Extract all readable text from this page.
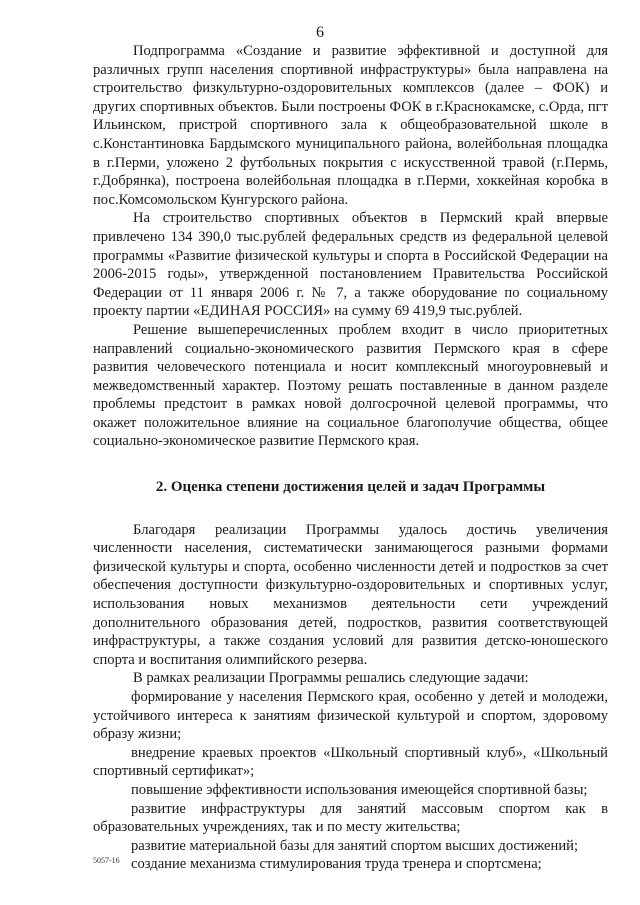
6

Подпрограмма «Создание и развитие эффективной и доступной для различных групп населения спортивной инфраструктуры» была направлена на строительство физкультурно-оздоровительных комплексов (далее – ФОК) и других спортивных объектов. Были построены ФОК в г.Краснокамске, с.Орда, пгт Ильинском, пристрой спортивного зала к общеобразовательной школе в с.Константиновка Бардымского муниципального района, волейбольная площадка в г.Перми, уложено 2 футбольных покрытия с искусственной травой (г.Пермь, г.Добрянка), построена волейбольная площадка в г.Перми, хоккейная коробка в пос.Комсомольском Кунгурского района.

На строительство спортивных объектов в Пермский край впервые привлечено 134 390,0 тыс.рублей федеральных средств из федеральной целевой программы «Развитие физической культуры и спорта в Российской Федерации на 2006-2015 годы», утвержденной постановлением Правительства Российской Федерации от 11 января 2006 г. № 7, а также оборудование по социальному проекту партии «ЕДИНАЯ РОССИЯ» на сумму 69 419,9 тыс.рублей.

Решение вышеперечисленных проблем входит в число приоритетных направлений социально-экономического развития Пермского края в сфере развития человеческого потенциала и носит комплексный многоуровневый и межведомственный характер. Поэтому решать поставленные в данном разделе проблемы предстоит в рамках новой долгосрочной целевой программы, что окажет положительное влияние на социальное благополучие общества, общее социально-экономическое развитие Пермского края.

2. Оценка степени достижения целей и задач Программы

Благодаря реализации Программы удалось достичь увеличения численности населения, систематически занимающегося разными формами физической культуры и спорта, особенно численности детей и подростков за счет обеспечения доступности физкультурно-оздоровительных и спортивных услуг, использования новых механизмов деятельности сети учреждений дополнительного образования детей, подростков, развития соответствующей инфраструктуры, а также создания условий для развития детско-юношеского спорта и воспитания олимпийского резерва.

В рамках реализации Программы решались следующие задачи:

формирование у населения Пермского края, особенно у детей и молодежи, устойчивого интереса к занятиям физической культурой и спортом, здоровому образу жизни;

внедрение краевых проектов «Школьный спортивный клуб», «Школьный спортивный сертификат»;

повышение эффективности использования имеющейся спортивной базы;

развитие инфраструктуры для занятий массовым спортом как в образовательных учреждениях, так и по месту жительства;

развитие материальной базы для занятий спортом высших достижений;

создание механизма стимулирования труда тренера и спортсмена;

5057-16
